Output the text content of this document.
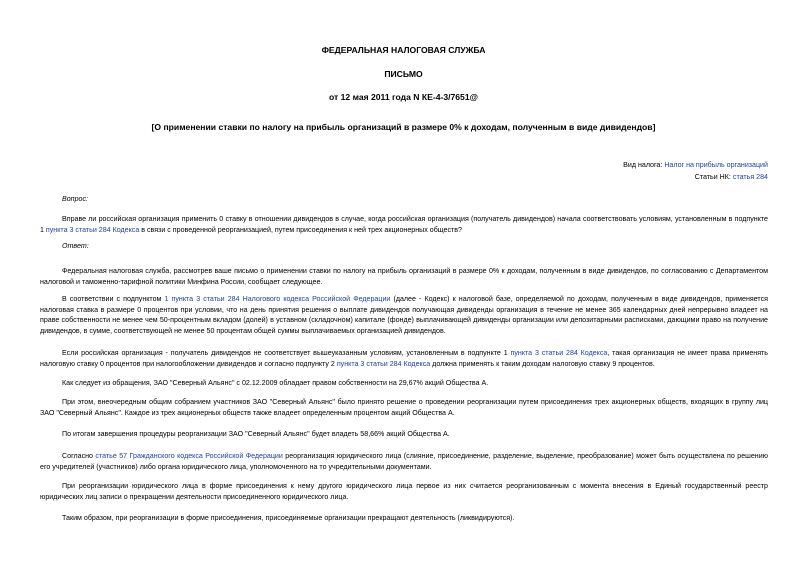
ФЕДЕРАЛЬНАЯ НАЛОГОВАЯ СЛУЖБА
ПИСЬМО
от 12 мая 2011 года N КЕ-4-3/7651@
[О применении ставки по налогу на прибыль организаций в размере 0% к доходам, полученным в виде дивидендов]
Вид налога: Налог на прибыль организаций
Статьи НК: статья 284
Вопрос:
Вправе ли российская организация применить 0 ставку в отношении дивидендов в случае, когда российская организация (получатель дивидендов) начала соответствовать условиям, установленным в подпункте 1 пункта 3 статьи 284 Кодекса в связи с проведенной реорганизацией, путем присоединения к ней трех акционерных обществ?
Ответ:
Федеральная налоговая служба, рассмотрев ваше письмо о применении ставки по налогу на прибыль организаций в размере 0% к доходам, полученным в виде дивидендов, по согласованию с Департаментом налоговой и таможенно-тарифной политики Минфина России, сообщает следующее.
В соответствии с подпунктом 1 пункта 3 статьи 284 Налогового кодекса Российской Федерации (далее - Кодекс) к налоговой базе, определяемой по доходам, полученным в виде дивидендов, применяется налоговая ставка в размере 0 процентов при условии, что на день принятия решения о выплате дивидендов получающая дивиденды организация в течение не менее 365 календарных дней непрерывно владеет на праве собственности не менее чем 50-процентным вкладом (долей) в уставном (складочном) капитале (фонде) выплачивающей дивиденды организации или депозитарными расписками, дающими право на получение дивидендов, в сумме, соответствующей не менее 50 процентам общей суммы выплачиваемых организацией дивидендов.
Если российская организация - получатель дивидендов не соответствует вышеуказанным условиям, установленным в подпункте 1 пункта 3 статьи 284 Кодекса, такая организация не имеет права применять налоговую ставку 0 процентов при налогообложении дивидендов и согласно подпункту 2 пункта 3 статьи 284 Кодекса должна применять к таким доходам налоговую ставку 9 процентов.
Как следует из обращения, ЗАО "Северный Альянс" с 02.12.2009 обладает правом собственности на 29,67% акций Общества А.
При этом, внеочередным общим собранием участников ЗАО "Северный Альянс" было принято решение о проведении реорганизации путем присоединения трех акционерных обществ, входящих в группу лиц ЗАО "Северный Альянс". Каждое из трех акционерных обществ также владеет определенным процентом акций Общества А.
По итогам завершения процедуры реорганизации ЗАО "Северный Альянс" будет владеть 58,66% акций Общества А.
Согласно статье 57 Гражданского кодекса Российской Федерации реорганизация юридического лица (слияние, присоединение, разделение, выделение, преобразование) может быть осуществлена по решению его учредителей (участников) либо органа юридического лица, уполномоченного на то учредительными документами.
При реорганизации юридического лица в форме присоединения к нему другого юридического лица первое из них считается реорганизованным с момента внесения в Единый государственный реестр юридических лиц записи о прекращении деятельности присоединенного юридического лица.
Таким образом, при реорганизации в форме присоединения, присоединяемые организации прекращают деятельность (ликвидируются).
